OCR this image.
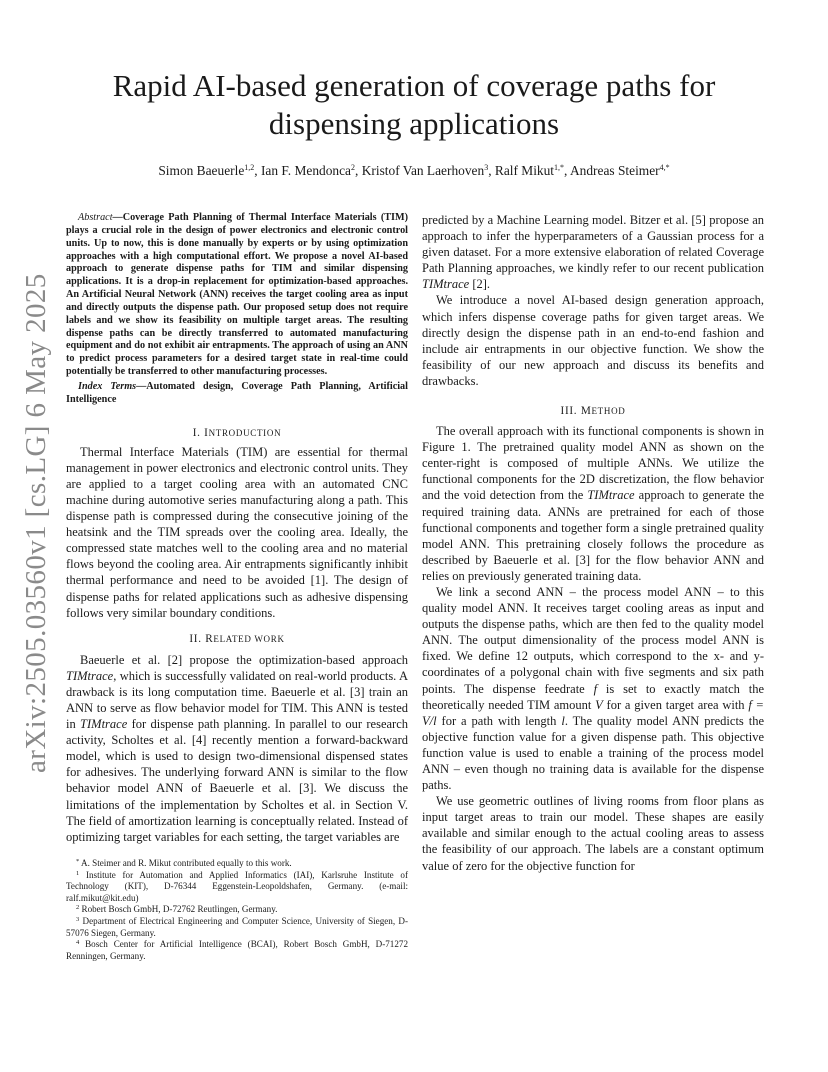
arXiv:2505.03560v1 [cs.LG] 6 May 2025
Rapid AI-based generation of coverage paths for dispensing applications
Simon Baeuerle$^{1,2}$, Ian F. Mendonca$^2$, Kristof Van Laerhoven$^3$, Ralf Mikut$^{1,*}$, Andreas Steimer$^{4,*}$

Abstract—Coverage Path Planning of Thermal Interface Materials (TIM) plays a crucial role in the design of power electronics and electronic control units. Up to now, this is done manually by experts or by using optimization approaches with a high computational effort. We propose a novel AI-based approach to generate dispense paths for TIM and similar dispensing applications. It is a drop-in replacement for optimization-based approaches. An Artificial Neural Network (ANN) receives the target cooling area as input and directly outputs the dispense path. Our proposed setup does not require labels and we show its feasibility on multiple target areas. The resulting dispense paths can be directly transferred to automated manufacturing equipment and do not exhibit air entrapments. The approach of using an ANN to predict process parameters for a desired target state in real-time could potentially be transferred to other manufacturing processes.

Index Terms—Automated design, Coverage Path Planning, Artificial Intelligence

I. INTRODUCTION

Thermal Interface Materials (TIM) are essential for thermal management in power electronics and electronic control units. They are applied to a target cooling area with an automated CNC machine during automotive series manufacturing along a path. This dispense path is compressed during the consecutive joining of the heatsink and the TIM spreads over the cooling area. Ideally, the compressed state matches well to the cooling area and no material flows beyond the cooling area. Air entrapments significantly inhibit thermal performance and need to be avoided [1]. The design of dispense paths for related applications such as adhesive dispensing follows very similar boundary conditions.

II. RELATED WORK

Baeuerle et al. [2] propose the optimization-based approach TIMtrace, which is successfully validated on real-world products. A drawback is its long computation time. Baeuerle et al. [3] train an ANN to serve as flow behavior model for TIM. This ANN is tested in TIMtrace for dispense path planning. In parallel to our research activity, Scholtes et al. [4] recently mention a forward-backward model, which is used to design two-dimensional dispensed states for adhesives. The underlying forward ANN is similar to the flow behavior model ANN of Baeuerle et al. [3]. We discuss the limitations of the implementation by Scholtes et al. in Section V. The field of amortization learning is conceptually related. Instead of optimizing target variables for each setting, the target variables are

* A. Steimer and R. Mikut contributed equally to this work.

$^1$ Institute for Automation and Applied Informatics (IAI), Karlsruhe Institute of Technology (KIT), D-76344 Eggenstein-Leopoldshafen, Germany. (e-mail: ralf.mikut@kit.edu)

$^2$ Robert Bosch GmbH, D-72762 Reutlingen, Germany.

$^3$ Department of Electrical Engineering and Computer Science, University of Siegen, D-57076 Siegen, Germany.

$^4$ Bosch Center for Artificial Intelligence (BCAI), Robert Bosch GmbH, D-71272 Renningen, Germany.

predicted by a Machine Learning model. Bitzer et al. [5] propose an approach to infer the hyperparameters of a Gaussian process for a given dataset. For a more extensive elaboration of related Coverage Path Planning approaches, we kindly refer to our recent publication TIMtrace [2].

We introduce a novel AI-based design generation approach, which infers dispense coverage paths for given target areas. We directly design the dispense path in an end-to-end fashion and include air entrapments in our objective function. We show the feasibility of our new approach and discuss its benefits and drawbacks.

III. METHOD

The overall approach with its functional components is shown in Figure 1. The pretrained quality model ANN as shown on the center-right is composed of multiple ANNs. We utilize the functional components for the 2D discretization, the flow behavior and the void detection from the TIMtrace approach to generate the required training data. ANNs are pretrained for each of those functional components and together form a single pretrained quality model ANN. This pretraining closely follows the procedure as described by Baeuerle et al. [3] for the flow behavior ANN and relies on previously generated training data.

We link a second ANN – the process model ANN – to this quality model ANN. It receives target cooling areas as input and outputs the dispense paths, which are then fed to the quality model ANN. The output dimensionality of the process model ANN is fixed. We define 12 outputs, which correspond to the x- and y-coordinates of a polygonal chain with five segments and six path points. The dispense feedrate f is set to exactly match the theoretically needed TIM amount V for a given target area with f = V/l for a path with length l. The quality model ANN predicts the objective function value for a given dispense path. This objective function value is used to enable a training of the process model ANN – even though no training data is available for the dispense paths.

We use geometric outlines of living rooms from floor plans as input target areas to train our model. These shapes are easily available and similar enough to the actual cooling areas to assess the feasibility of our approach. The labels are a constant optimum value of zero for the objective function for
